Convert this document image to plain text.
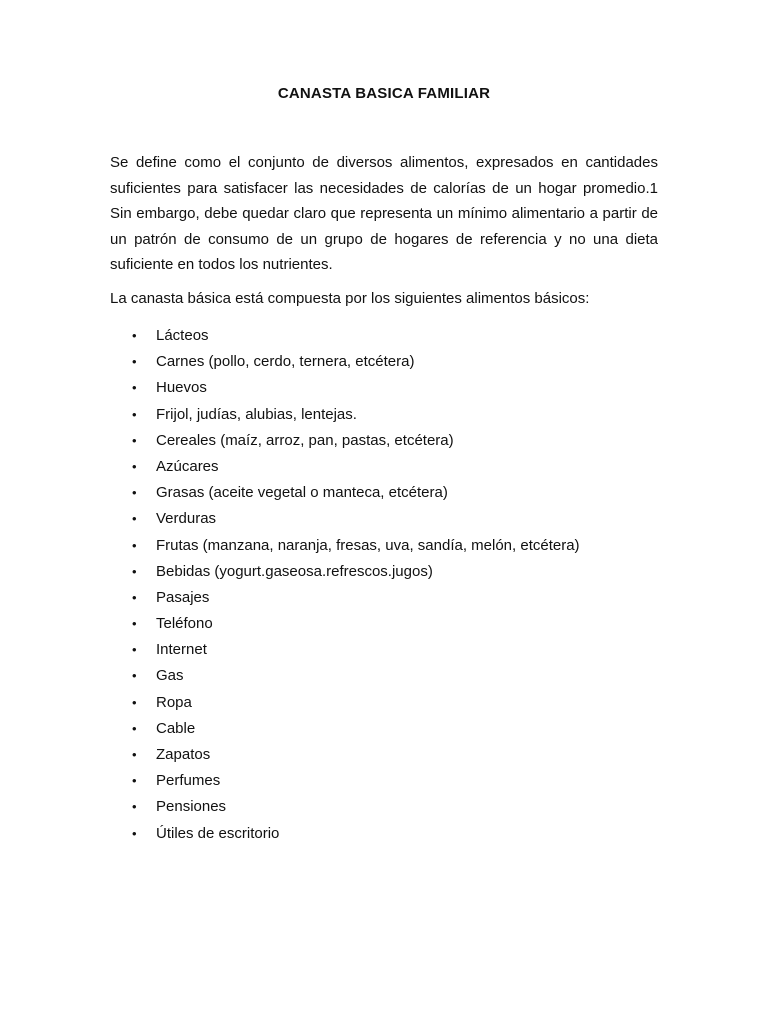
CANASTA BASICA FAMILIAR

Se define como el conjunto de diversos alimentos, expresados en cantidades suficientes para satisfacer las necesidades de calorías de un hogar promedio.1 Sin embargo, debe quedar claro que representa un mínimo alimentario a partir de un patrón de consumo de un grupo de hogares de referencia y no una dieta suficiente en todos los nutrientes.

La canasta básica está compuesta por los siguientes alimentos básicos:

• Lácteos
• Carnes (pollo, cerdo, ternera, etcétera)
• Huevos
• Frijol, judías, alubias, lentejas.
• Cereales (maíz, arroz, pan, pastas, etcétera)
• Azúcares
• Grasas (aceite vegetal o manteca, etcétera)
• Verduras
• Frutas (manzana, naranja, fresas, uva, sandía, melón, etcétera)
• Bebidas (yogurt.gaseosa.refrescos.jugos)
• Pasajes
• Teléfono
• Internet
• Gas
• Ropa
• Cable
• Zapatos
• Perfumes
• Pensiones
• Útiles de escritorio
